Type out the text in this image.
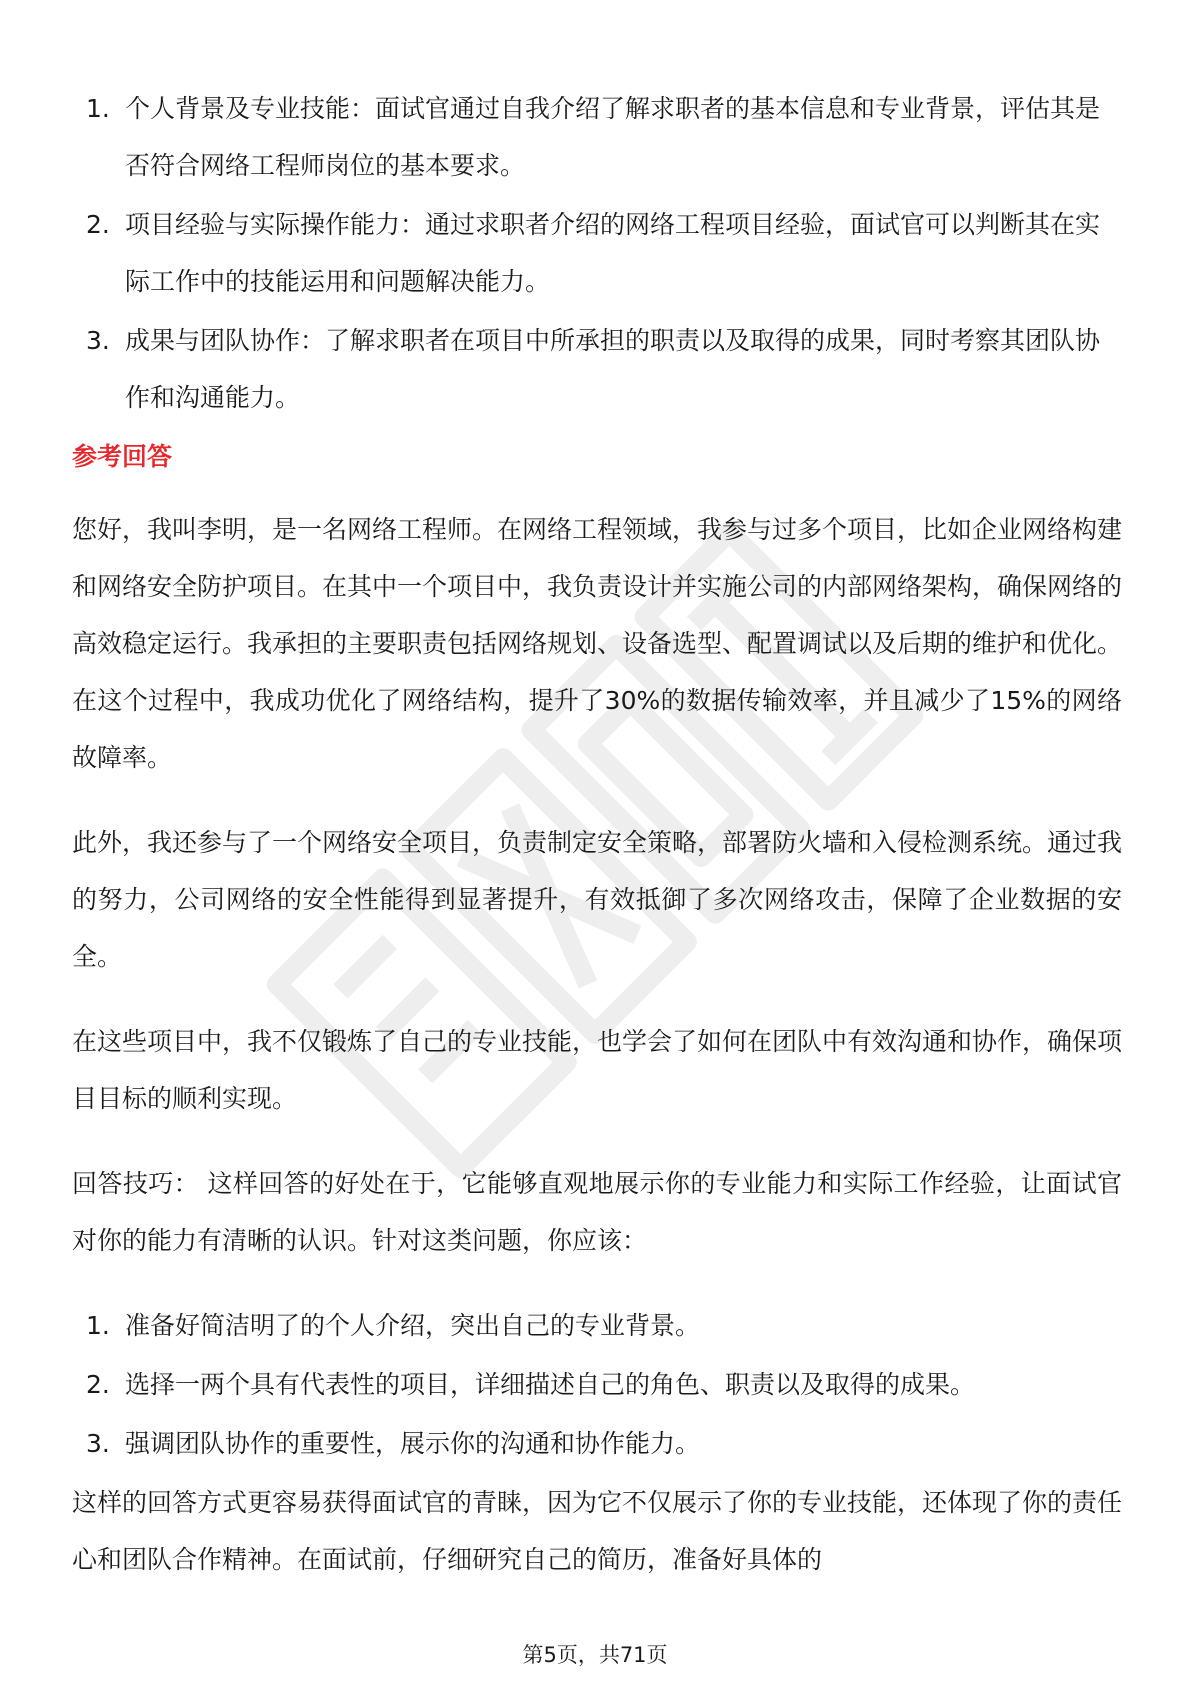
1. 个人背景及专业技能：面试官通过自我介绍了解求职者的基本信息和专业背景，评估其是否符合网络工程师岗位的基本要求。
2. 项目经验与实际操作能力：通过求职者介绍的网络工程项目经验，面试官可以判断其在实际工作中的技能运用和问题解决能力。
3. 成果与团队协作：了解求职者在项目中所承担的职责以及取得的成果，同时考察其团队协作和沟通能力。
参考回答

您好，我叫李明，是一名网络工程师。在网络工程领域，我参与过多个项目，比如企业网络构建和网络安全防护项目。在其中一个项目中，我负责设计并实施公司的内部网络架构，确保网络的高效稳定运行。我承担的主要职责包括网络规划、设备选型、配置调试以及后期的维护和优化。在这个过程中，我成功优化了网络结构，提升了30%的数据传输效率，并且减少了15%的网络故障率。

此外，我还参与了一个网络安全项目，负责制定安全策略，部署防火墙和入侵检测系统。通过我的努力，公司网络的安全性能得到显著提升，有效抵御了多次网络攻击，保障了企业数据的安全。

在这些项目中，我不仅锻炼了自己的专业技能，也学会了如何在团队中有效沟通和协作，确保项目目标的顺利实现。

回答技巧： 这样回答的好处在于，它能够直观地展示你的专业能力和实际工作经验，让面试官对你的能力有清晰的认识。针对这类问题，你应该：

1. 准备好简洁明了的个人介绍，突出自己的专业背景。
2. 选择一两个具有代表性的项目，详细描述自己的角色、职责以及取得的成果。
3. 强调团队协作的重要性，展示你的沟通和协作能力。

这样的回答方式更容易获得面试官的青睐，因为它不仅展示了你的专业技能，还体现了你的责任心和团队合作精神。在面试前，仔细研究自己的简历，准备好具体的

第5页，共71页
